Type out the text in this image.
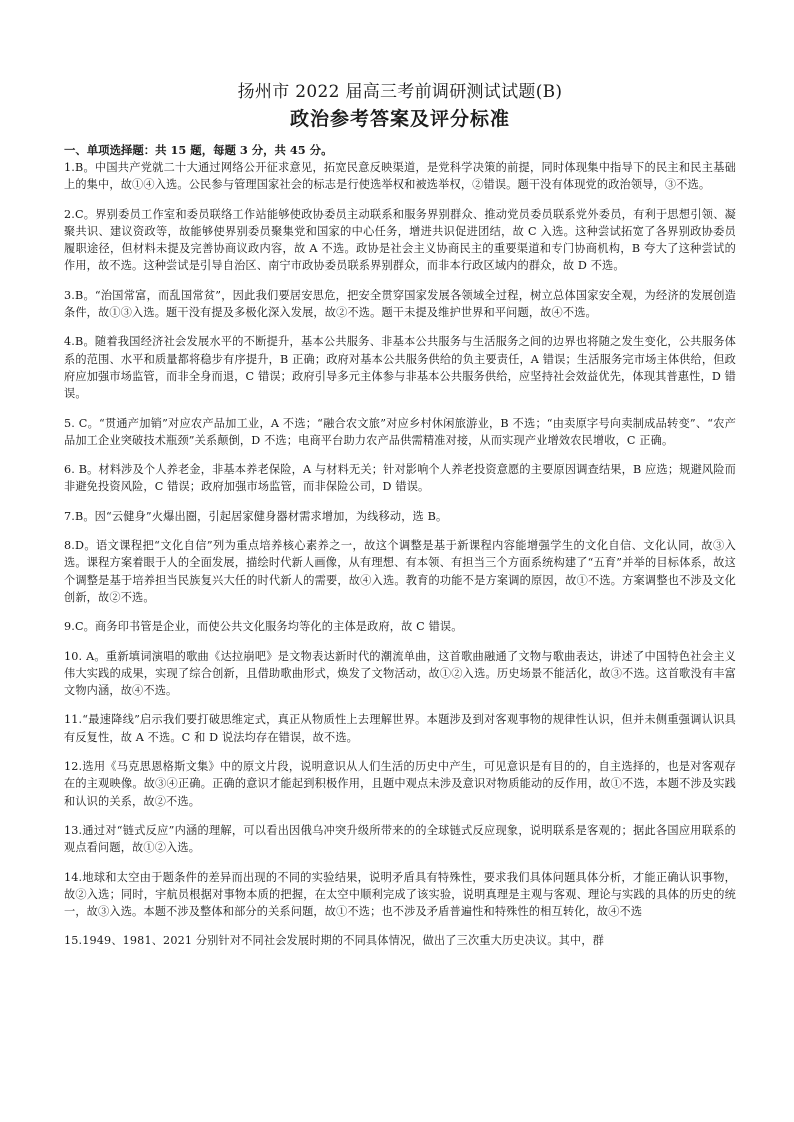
扬州市 2022 届高三考前调研测试试题(B)
政治参考答案及评分标准

一、单项选择题：共 15 题，每题 3 分，共 45 分。

1.B。中国共产党就二十大通过网络公开征求意见，拓宽民意反映渠道，是党科学决策的前提，同时体现集中指导下的民主和民主基础上的集中，故①④入选。公民参与管理国家社会的标志是行使选举权和被选举权，②错误。题干没有体现党的政治领导，③不选。

2.C。界别委员工作室和委员联络工作站能够使政协委员主动联系和服务界别群众、推动党员委员联系党外委员，有利于思想引领、凝聚共识、建议资政等，故能够使界别委员聚集党和国家的中心任务，增进共识促进团结，故 C 入选。这种尝试拓宽了各界别政协委员履职途径，但材料未提及完善协商议政内容，故 A 不选。政协是社会主义协商民主的重要渠道和专门协商机构，B 夸大了这种尝试的作用，故不选。这种尝试是引导自治区、南宁市政协委员联系界别群众，而非本行政区域内的群众，故 D 不选。

3.B。“治国常富，而乱国常贫”，因此我们要居安思危，把安全贯穿国家发展各领域全过程，树立总体国家安全观，为经济的发展创造条件，故①③入选。题干没有提及多极化深入发展，故②不选。题干未提及维护世界和平问题，故④不选。

4.B。随着我国经济社会发展水平的不断提升，基本公共服务、非基本公共服务与生活服务之间的边界也将随之发生变化，公共服务体系的范围、水平和质量都将稳步有序提升，B 正确；政府对基本公共服务供给的负主要责任，A 错误；生活服务完市场主体供给，但政府应加强市场监管，而非全身而退，C 错误；政府引导多元主体参与非基本公共服务供给，应坚持社会效益优先，体现其普惠性，D 错误。

5. C。“贯通产加销”对应农产品加工业，A 不选；“融合农文旅”对应乡村休闲旅游业，B 不选；“由卖原字号向卖制成品转变”、“农产品加工企业突破技术瓶颈”关系颠倒，D 不选；电商平台助力农产品供需精准对接，从而实现产业增效农民增收，C 正确。

6. B。材料涉及个人养老金，非基本养老保险，A 与材料无关；针对影响个人养老投资意愿的主要原因调查结果，B 应选；规避风险而非避免投资风险，C 错误；政府加强市场监管，而非保险公司，D 错误。

7.B。因“云健身”火爆出圈，引起居家健身器材需求增加，为线移动，选 B。

8.D。语文课程把“文化自信”列为重点培养核心素养之一，故这个调整是基于新课程内容能增强学生的文化自信、文化认同，故③入选。课程方案着眼于人的全面发展，描绘时代新人画像，从有理想、有本领、有担当三个方面系统构建了“五育”并举的目标体系，故这个调整是基于培养担当民族复兴大任的时代新人的需要，故④入选。教育的功能不是方案调的原因，故①不选。方案调整也不涉及文化创新，故②不选。

9.C。商务印书管是企业，而使公共文化服务均等化的主体是政府，故 C 错误。

10. A。重新填词演唱的歌曲《达拉崩吧》是文物表达新时代的潮流单曲，这首歌曲融通了文物与歌曲表达，讲述了中国特色社会主义伟大实践的成果，实现了综合创新，且借助歌曲形式，焕发了文物活动，故①②入选。历史场景不能活化，故③不选。这首歌没有丰富文物内涵，故④不选。

11.“最速降线”启示我们要打破思维定式，真正从物质性上去理解世界。本题涉及到对客观事物的规律性认识，但并未侧重强调认识具有反复性，故 A 不选。C 和 D 说法均存在错误，故不选。

12.选用《马克思恩格斯文集》中的原文片段，说明意识从人们生活的历史中产生，可见意识是有目的的，自主选择的，也是对客观存在的主观映像。故③④正确。正确的意识才能起到积极作用，且题中观点未涉及意识对物质能动的反作用，故①不选，本题不涉及实践和认识的关系，故②不选。

13.通过对“链式反应”内涵的理解，可以看出因俄乌冲突升级所带来的的全球链式反应现象，说明联系是客观的；据此各国应用联系的观点看问题，故①②入选。

14.地球和太空由于题条件的差异而出现的不同的实验结果，说明矛盾具有特殊性，要求我们具体问题具体分析，才能正确认识事物，故②入选；同时，宇航员根据对事物本质的把握，在太空中顺利完成了该实验，说明真理是主观与客观、理论与实践的具体的历史的统一，故③入选。本题不涉及整体和部分的关系问题，故①不选；也不涉及矛盾普遍性和特殊性的相互转化，故④不选

15.1949、1981、2021 分别针对不同社会发展时期的不同具体情况，做出了三次重大历史决议。其中，群
